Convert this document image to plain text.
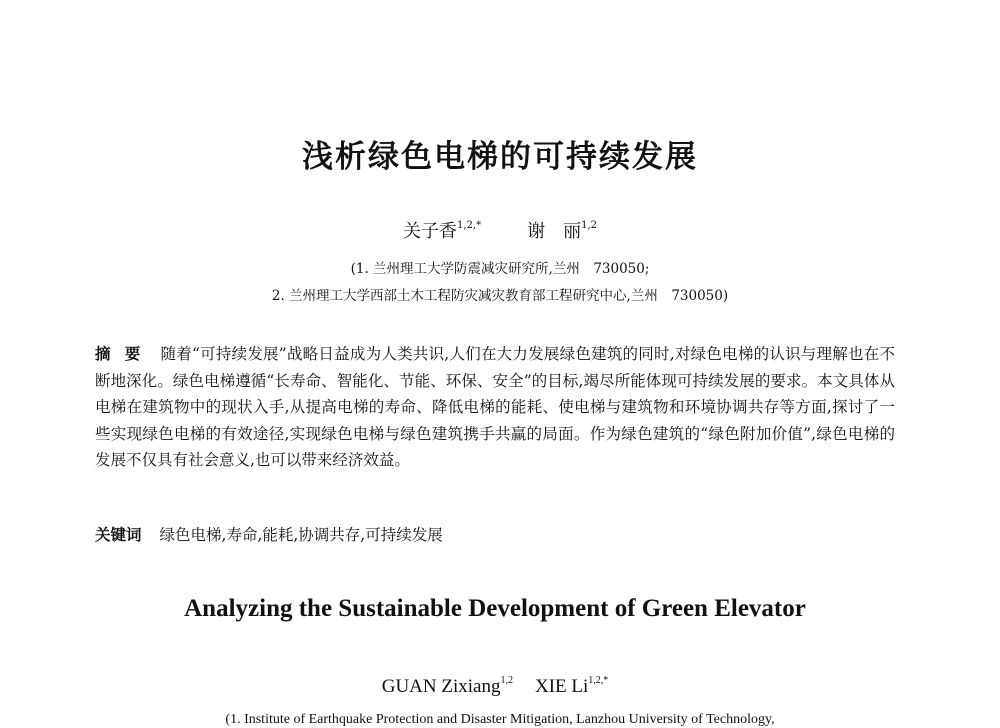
浅析绿色电梯的可持续发展
关子香$^{1,2,*}$	谢　丽$^{1,2}$
(1. 兰州理工大学防震减灾研究所,兰州　730050;
2. 兰州理工大学西部土木工程防灾减灾教育部工程研究中心,兰州　730050)
摘要 随着“可持续发展”战略日益成为人类共识,人们在大力发展绿色建筑的同时,对绿色电梯的认识与理解也在不断地深化。绿色电梯遵循“长寿命、智能化、节能、环保、安全”的目标,竭尽所能体现可持续发展的要求。本文具体从电梯在建筑物中的现状入手,从提高电梯的寿命、降低电梯的能耗、使电梯与建筑物和环境协调共存等方面,探讨了一些实现绿色电梯的有效途径,实现绿色电梯与绿色建筑携手共赢的局面。作为绿色建筑的“绿色附加价值”,绿色电梯的发展不仅具有社会意义,也可以带来经济效益。
关键词 绿色电梯,寿命,能耗,协调共存,可持续发展
Analyzing the Sustainable Development of Green Elevator
GUAN Zixiang$^{1,2}$ XIE $Li^{1,2,*}$
(1. Institute of Earthquake Protection and Disaster Mitigation, Lanzhou University of Technology,
